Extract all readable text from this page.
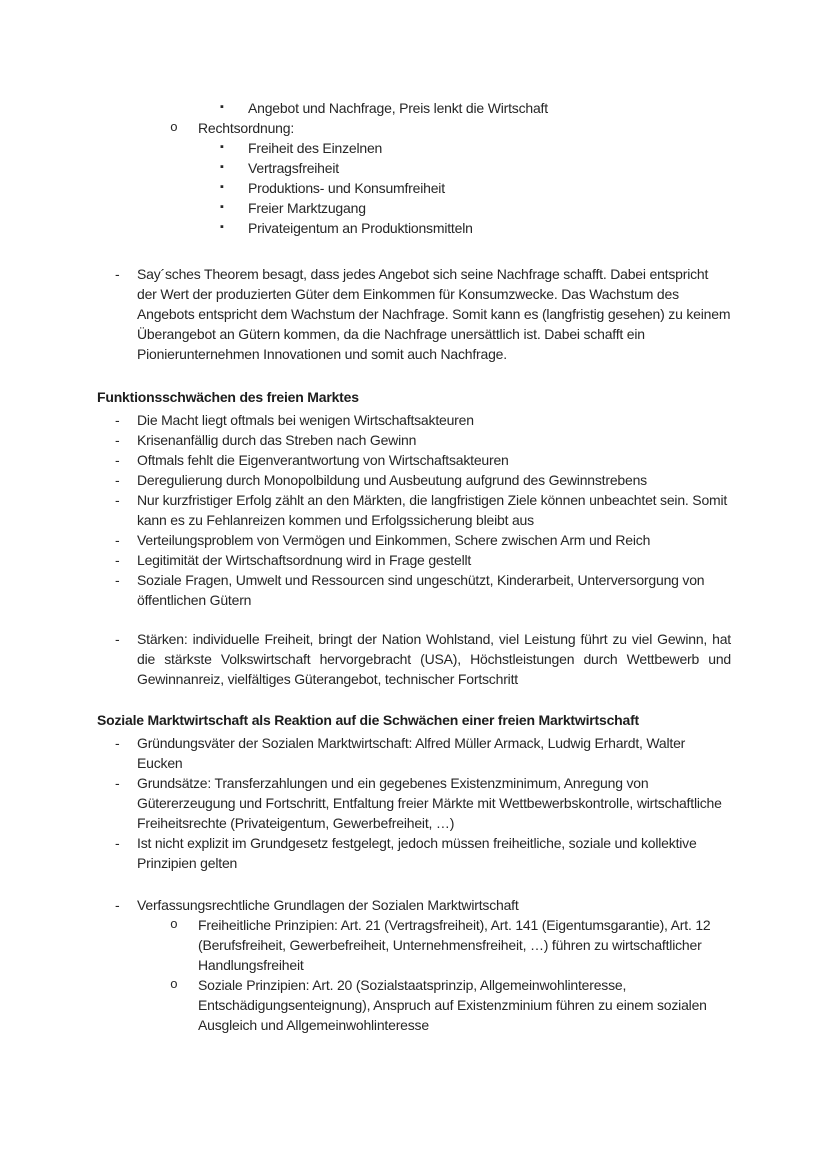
▪ Angebot und Nachfrage, Preis lenkt die Wirtschaft
o Rechtsordnung:
▪ Freiheit des Einzelnen
▪ Vertragsfreiheit
▪ Produktions- und Konsumfreiheit
▪ Freier Marktzugang
▪ Privateigentum an Produktionsmitteln
- Say´sches Theorem besagt, dass jedes Angebot sich seine Nachfrage schafft. Dabei entspricht der Wert der produzierten Güter dem Einkommen für Konsumzwecke. Das Wachstum des Angebots entspricht dem Wachstum der Nachfrage. Somit kann es (langfristig gesehen) zu keinem Überangebot an Gütern kommen, da die Nachfrage unersättlich ist. Dabei schafft ein Pionierunternehmen Innovationen und somit auch Nachfrage.
Funktionsschwächen des freien Marktes
- Die Macht liegt oftmals bei wenigen Wirtschaftsakteuren
- Krisenanfällig durch das Streben nach Gewinn
- Oftmals fehlt die Eigenverantwortung von Wirtschaftsakteuren
- Deregulierung durch Monopolbildung und Ausbeutung aufgrund des Gewinnstrebens
- Nur kurzfristiger Erfolg zählt an den Märkten, die langfristigen Ziele können unbeachtet sein. Somit kann es zu Fehlanreizen kommen und Erfolgssicherung bleibt aus
- Verteilungsproblem von Vermögen und Einkommen, Schere zwischen Arm und Reich
- Legitimität der Wirtschaftsordnung wird in Frage gestellt
- Soziale Fragen, Umwelt und Ressourcen sind ungeschützt, Kinderarbeit, Unterversorgung von öffentlichen Gütern
- Stärken: individuelle Freiheit, bringt der Nation Wohlstand, viel Leistung führt zu viel Gewinn, hat die stärkste Volkswirtschaft hervorgebracht (USA), Höchstleistungen durch Wettbewerb und Gewinnanreiz, vielfältiges Güterangebot, technischer Fortschritt
Soziale Marktwirtschaft als Reaktion auf die Schwächen einer freien Marktwirtschaft
- Gründungsväter der Sozialen Marktwirtschaft: Alfred Müller Armack, Ludwig Erhardt, Walter Eucken
- Grundsätze: Transferzahlungen und ein gegebenes Existenzminimum, Anregung von Gütererzeugung und Fortschritt, Entfaltung freier Märkte mit Wettbewerbskontrolle, wirtschaftliche Freiheitsrechte (Privateigentum, Gewerbefreiheit, …)
- Ist nicht explizit im Grundgesetz festgelegt, jedoch müssen freiheitliche, soziale und kollektive Prinzipien gelten
- Verfassungsrechtliche Grundlagen der Sozialen Marktwirtschaft
o Freiheitliche Prinzipien: Art. 21 (Vertragsfreiheit), Art. 141 (Eigentumsgarantie), Art. 12 (Berufsfreiheit, Gewerbefreiheit, Unternehmensfreiheit, …) führen zu wirtschaftlicher Handlungsfreiheit
o Soziale Prinzipien: Art. 20 (Sozialstaatsprinzip, Allgemeinwohlinteresse, Entschädigungsenteignung), Anspruch auf Existenzminium führen zu einem sozialen Ausgleich und Allgemeinwohlinteresse
